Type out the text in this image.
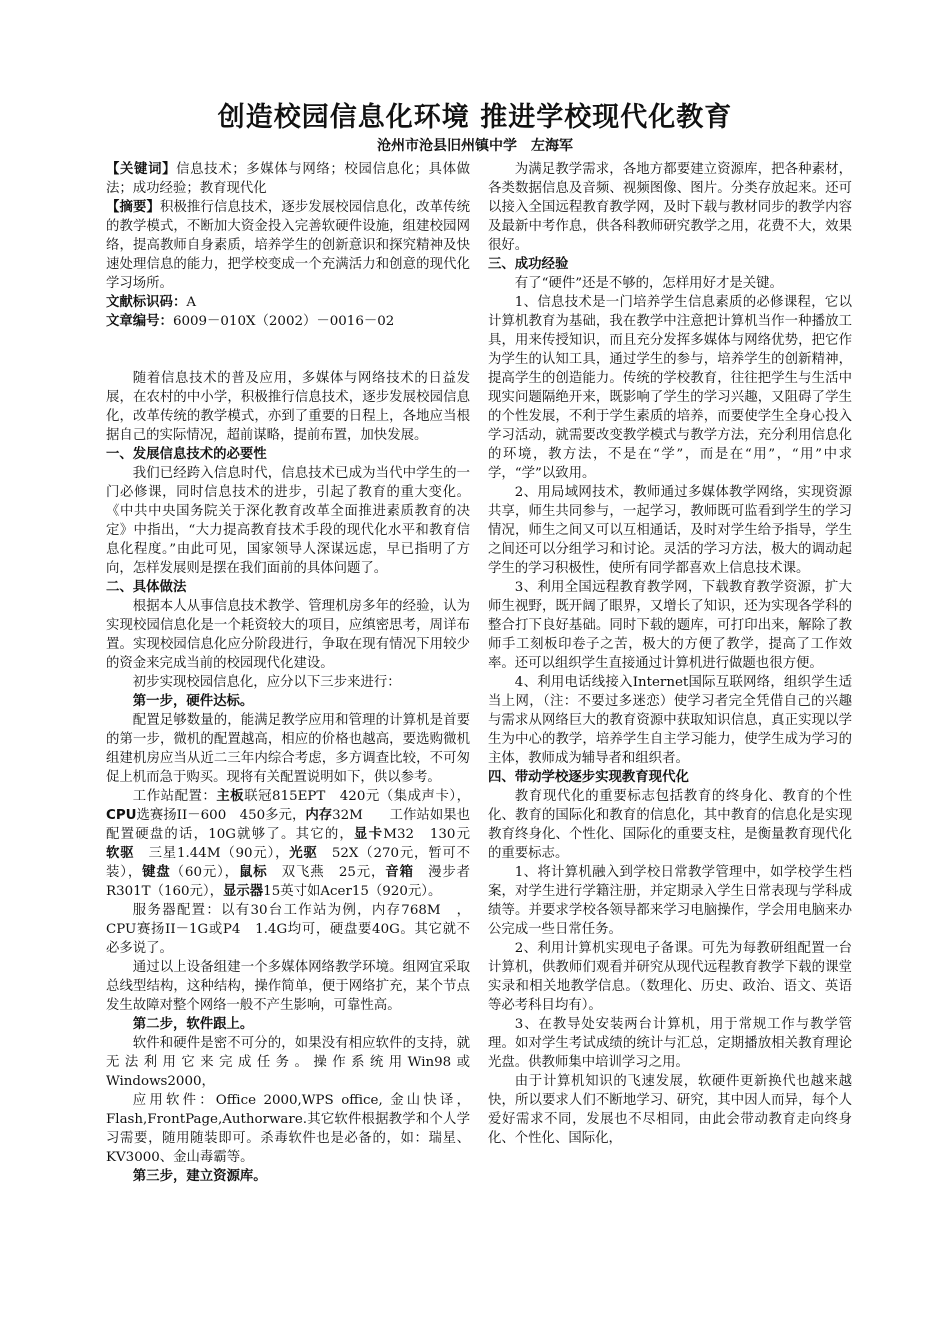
创造校园信息化环境 推进学校现代化教育
沧州市沧县旧州镇中学　左海军

【关键词】信息技术；多媒体与网络；校园信息化；具体做法；成功经验；教育现代化

【摘要】积极推行信息技术，逐步发展校园信息化，改革传统的教学模式，不断加大资金投入完善软硬件设施，组建校园网络，提高教师自身素质，培养学生的创新意识和探究精神及快速处理信息的能力，把学校变成一个充满活力和创意的现代化学习场所。

文献标识码：A

文章编号：6009－010X（2002）－0016－02

随着信息技术的普及应用，多媒体与网络技术的日益发展，在农村的中小学，积极推行信息技术，逐步发展校园信息化，改革传统的教学模式，亦到了重要的日程上，各地应当根据自己的实际情况，超前谋略，提前布置，加快发展。

一、发展信息技术的必要性

我们已经跨入信息时代，信息技术已成为当代中学生的一门必修课，同时信息技术的进步，引起了教育的重大变化。《中共中央国务院关于深化教育改革全面推进素质教育的决定》中指出，“大力提高教育技术手段的现代化水平和教育信息化程度。”由此可见，国家领导人深谋远虑，早已指明了方向，怎样发展则是摆在我们面前的具体问题了。

二、具体做法

根据本人从事信息技术教学、管理机房多年的经验，认为实现校园信息化是一个耗资较大的项目，应缜密思考，周详布置。实现校园信息化应分阶段进行，争取在现有情况下用较少的资金来完成当前的校园现代化建设。

初步实现校园信息化，应分以下三步来进行：

第一步，硬件达标。

配置足够数量的，能满足教学应用和管理的计算机是首要的第一步，微机的配置越高，相应的价格也越高，要选购微机组建机房应当从近二三年内综合考虑，多方调查比较，不可匆促上机而急于购买。现将有关配置说明如下，供以参考。

工作站配置：主板联冠815EPT　420元（集成声卡），CPU选赛扬II－600　450多元，内存32M　　工作站如果也配置硬盘的话，10G就够了。其它的，显卡M32　130元　软驱　三星1.44M（90元），光驱　52X（270元，暂可不装），键盘（60元），鼠标　双飞燕　25元，音箱　漫步者R301T（160元），显示器15英寸如Acer15（920元）。

服务器配置：以有30台工作站为例，内存768M　，CPU赛扬II－1G或P4　1.4G均可，硬盘要40G。其它就不必多说了。

通过以上设备组建一个多媒体网络教学环境。组网宜采取总线型结构，这种结构，操作简单，便于网络扩充，某个节点发生故障对整个网络一般不产生影响，可靠性高。

第二步，软件跟上。

软件和硬件是密不可分的，如果没有相应软件的支持，就无法利用它来完成任务。操作系统用Win98或Windows2000，

应用软件：Office 2000,WPS office, 金山快译，Flash,FrontPage,Authorware.其它软件根据教学和个人学习需要，随用随装即可。杀毒软件也是必备的，如：瑞星、KV3000、金山毒霸等。

第三步，建立资源库。

为满足教学需求，各地方都要建立资源库，把各种素材，各类数据信息及音频、视频图像、图片。分类存放起来。还可以接入全国远程教育教学网，及时下载与教材同步的教学内容及最新中考作息，供各科教师研究教学之用，花费不大，效果很好。

三、成功经验

有了“硬件”还是不够的，怎样用好才是关键。

1、信息技术是一门培养学生信息素质的必修课程，它以计算机教育为基础，我在教学中注意把计算机当作一种播放工具，用来传授知识，而且充分发挥多媒体与网络优势，把它作为学生的认知工具，通过学生的参与，培养学生的创新精神，提高学生的创造能力。传统的学校教育，往往把学生与生活中现实问题隔绝开来，既影响了学生的学习兴趣，又阻碍了学生的个性发展，不利于学生素质的培养，而要使学生全身心投入学习活动，就需要改变教学模式与教学方法，充分利用信息化的环境，教方法，不是在“学”，而是在“用”，“用”中求学，“学”以致用。

2、用局域网技术，教师通过多媒体教学网络，实现资源共享，师生共同参与，一起学习，教师既可监看到学生的学习情况，师生之间又可以互相通话，及时对学生给予指导，学生之间还可以分组学习和讨论。灵活的学习方法，极大的调动起学生的学习积极性，使所有同学都喜欢上信息技术课。

3、利用全国远程教育教学网，下载教育教学资源，扩大师生视野，既开阔了眼界，又增长了知识，还为实现各学科的整合打下良好基础。同时下载的题库，可打印出来，解除了教师手工刻板印卷子之苦，极大的方便了教学，提高了工作效率。还可以组织学生直接通过计算机进行做题也很方便。

4、利用电话线接入Internet国际互联网络，组织学生适当上网，（注：不要过多迷恋）使学习者完全凭借自己的兴趣与需求从网络巨大的教育资源中获取知识信息，真正实现以学生为中心的教学，培养学生自主学习能力，使学生成为学习的主体，教师成为辅导者和组织者。

四、带动学校逐步实现教育现代化

教育现代化的重要标志包括教育的终身化、教育的个性化、教育的国际化和教育的信息化，其中教育的信息化是实现教育终身化、个性化、国际化的重要支柱，是衡量教育现代化的重要标志。

1、将计算机融入到学校日常教学管理中，如学校学生档案，对学生进行学籍注册，并定期录入学生日常表现与学科成绩等。并要求学校各领导都来学习电脑操作，学会用电脑来办公完成一些日常任务。

2、利用计算机实现电子备课。可先为每教研组配置一台计算机，供教师们观看并研究从现代远程教育教学下载的课堂实录和相关地教学信息。（数理化、历史、政治、语文、英语等必考科目均有）。

3、在教导处安装两台计算机，用于常规工作与教学管理。如对学生考试成绩的统计与汇总，定期播放相关教育理论光盘。供教师集中培训学习之用。

由于计算机知识的飞速发展，软硬件更新换代也越来越快，所以要求人们不断地学习、研究，其中因人而异，每个人爱好需求不同，发展也不尽相同，由此会带动教育走向终身化、个性化、国际化，
